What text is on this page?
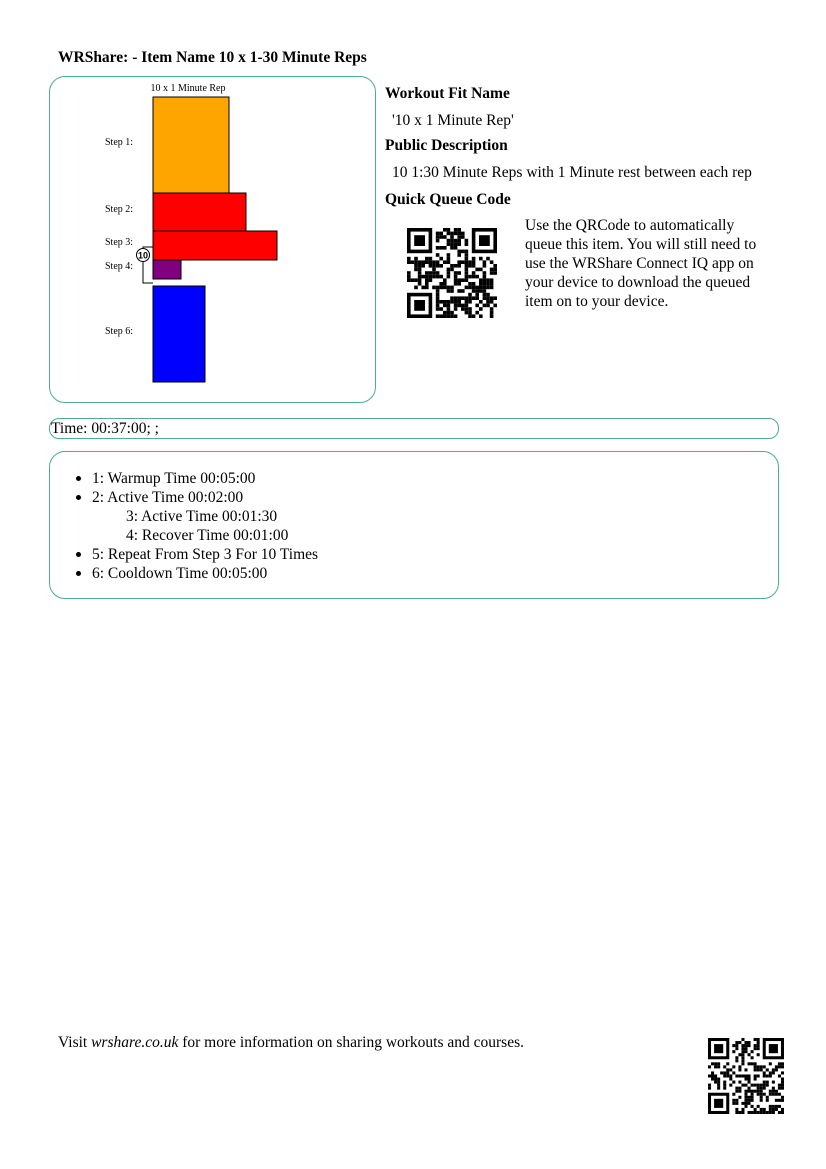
WRShare: - Item Name 10 x 1-30 Minute Reps
10 x 1 Minute Rep
Step 1:
Step 2:
Step 3:
Step 4:
Step 6:
10
Workout Fit Name
'10 x 1 Minute Rep'
Public Description
10 1:30 Minute Reps with 1 Minute rest between each rep
Quick Queue Code
Use the QRCode to automatically queue this item. You will still need to use the WRShare Connect IQ app on your device to download the queued item on to your device.
Time: 00:37:00; ;
1: Warmup Time 00:05:00
2: Active Time 00:02:00
3: Active Time 00:01:30
4: Recover Time 00:01:00
5: Repeat From Step 3 For 10 Times
6: Cooldown Time 00:05:00
Visit wrshare.co.uk for more information on sharing workouts and courses.
